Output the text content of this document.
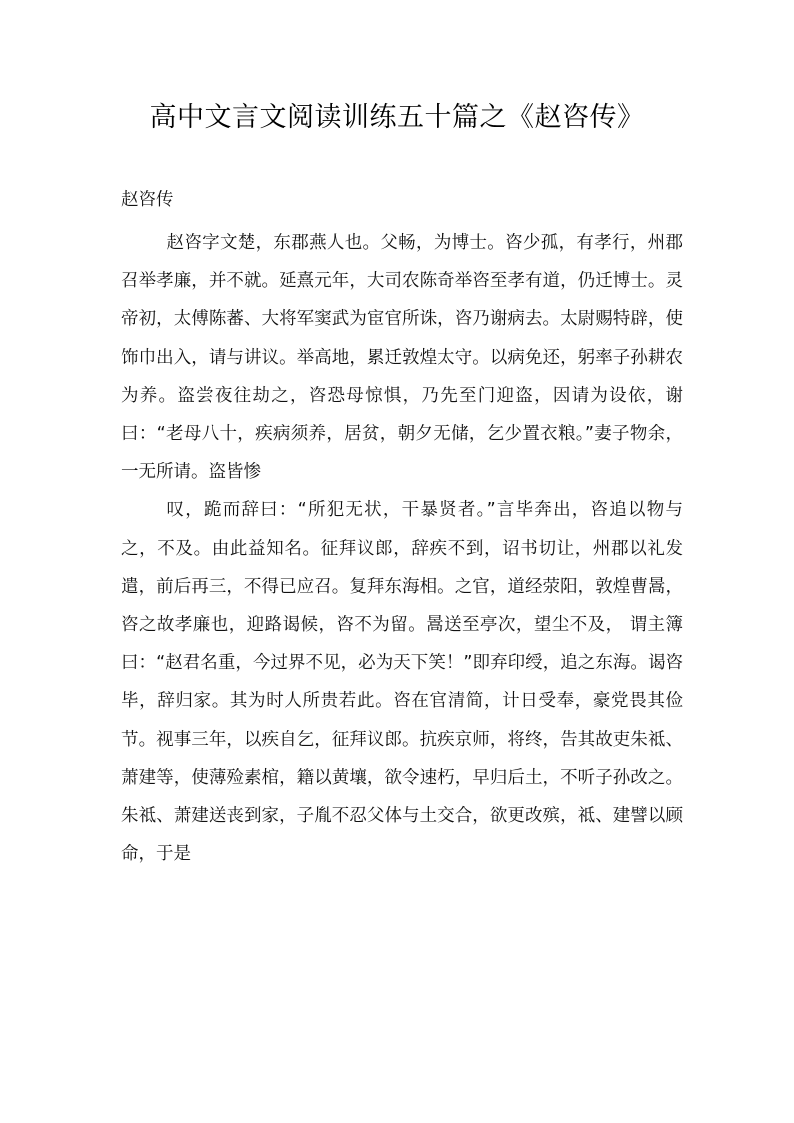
高中文言文阅读训练五十篇之《赵咨传》

赵咨传

赵咨字文楚，东郡燕人也。父畅，为博士。咨少孤，有孝行，州郡召举孝廉，并不就。延熹元年，大司农陈奇举咨至孝有道，仍迁博士。灵帝初，太傅陈蕃、大将军窦武为宦官所诛，咨乃谢病去。太尉赐特辟，使饰巾出入，请与讲议。举高地，累迁敦煌太守。以病免还，躬率子孙耕农为养。盗尝夜往劫之，咨恐母惊惧，乃先至门迎盗，因请为设依，谢曰：“老母八十，疾病须养，居贫，朝夕无储，乞少置衣粮。”妻子物余，一无所请。盗皆惨

叹，跪而辞曰：“所犯无状，干暴贤者。”言毕奔出，咨追以物与之，不及。由此益知名。征拜议郎，辞疾不到，诏书切让，州郡以礼发遣，前后再三，不得已应召。复拜东海相。之官，道经荥阳，敦煌曹暠，咨之故孝廉也，迎路谒候，咨不为留。暠送至亭次，望尘不及， 谓主簿曰：“赵君名重，今过界不见，必为天下笑！”即弃印绶，追之东海。谒咨毕，辞归家。其为时人所贵若此。咨在官清简，计日受奉，豪党畏其俭节。视事三年，以疾自乞，征拜议郎。抗疾京师，将终，告其故吏朱祗、萧建等，使薄殓素棺，籍以黄壤，欲令速朽，早归后土，不听子孙改之。朱祗、萧建送丧到家，子胤不忍父体与土交合，欲更改殡，祗、建譬以顾命，于是
